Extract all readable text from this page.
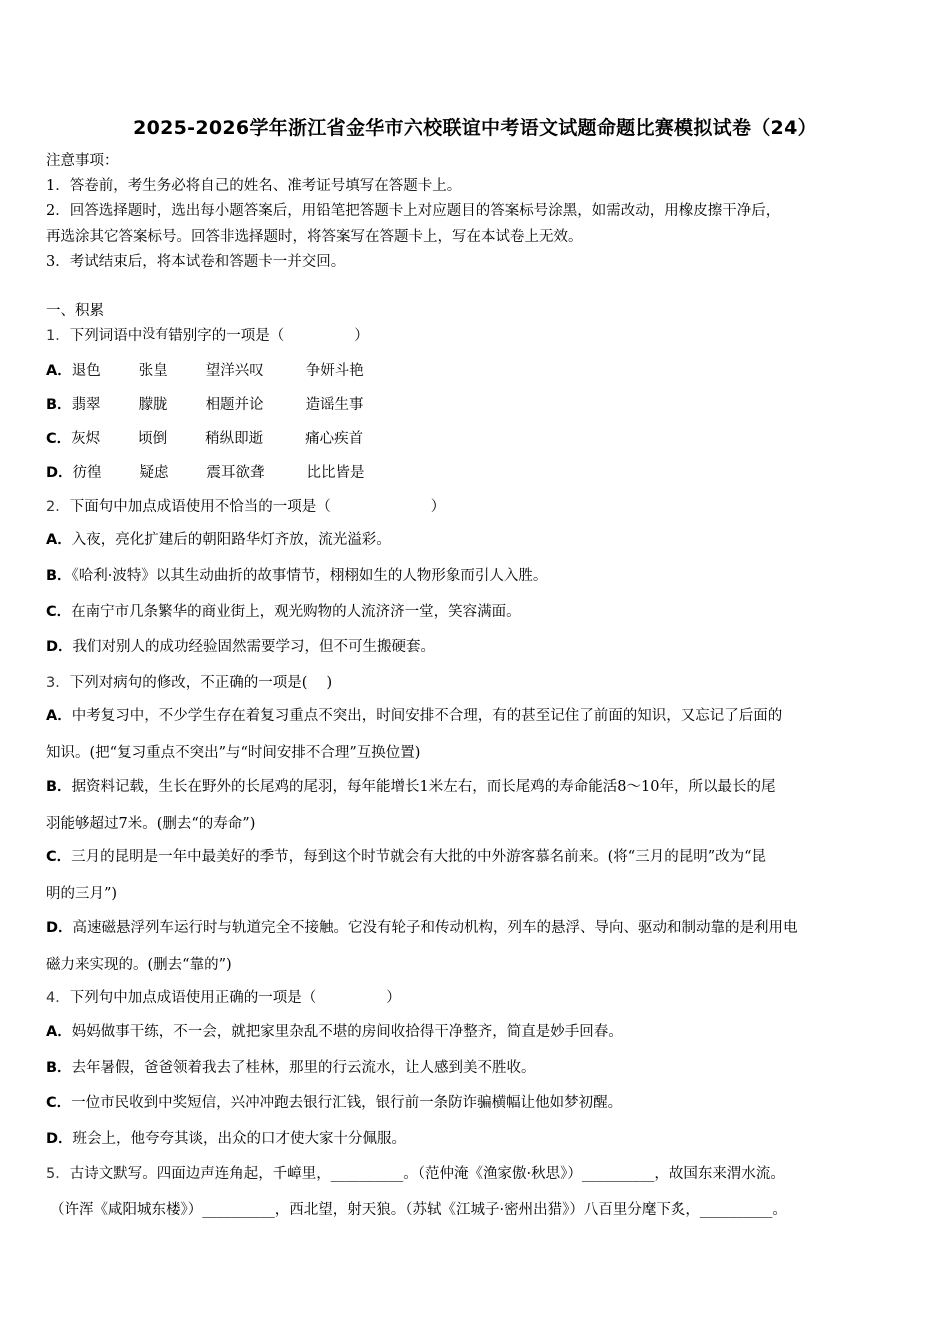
2025-2026学年浙江省金华市六校联谊中考语文试题命题比赛模拟试卷（24）
注意事项：
1．答卷前，考生务必将自己的姓名、准考证号填写在答题卡上。
2．回答选择题时，选出每小题答案后，用铅笔把答题卡上对应题目的答案标号涂黑，如需改动，用橡皮擦干净后，
再选涂其它答案标号。回答非选择题时，将答案写在答题卡上，写在本试卷上无效。
3．考试结束后，将本试卷和答题卡一并交回。
一、积累
1．下列词语中没有错别字的一项是（	）
A．退色	张皇	望洋兴叹	争妍斗艳
B．翡翠	朦胧	相题并论	造谣生事
C．灰烬	顷倒	稍纵即逝	痛心疾首
D．彷徨	疑虑	震耳欲聋	比比皆是
2．下面句中加点成语使用不恰当的一项是（	）
A．入夜，亮化扩建后的朝阳路华灯齐放，流光溢彩。
B．《哈利·波特》以其生动曲折的故事情节，栩栩如生的人物形象而引人入胜。
C．在南宁市几条繁华的商业街上，观光购物的人流济济一堂，笑容满面。
D．我们对别人的成功经验固然需要学习，但不可生搬硬套。
3．下列对病句的修改，不正确的一项是(　 )
A．中考复习中，不少学生存在着复习重点不突出，时间安排不合理，有的甚至记住了前面的知识，又忘记了后面的
知识。(把“复习重点不突出”与“时间安排不合理”互换位置)
B．据资料记载，生长在野外的长尾鸡的尾羽，每年能增长1米左右，而长尾鸡的寿命能活8～10年，所以最长的尾
羽能够超过7米。(删去“的寿命”)
C．三月的昆明是一年中最美好的季节，每到这个时节就会有大批的中外游客慕名前来。(将“三月的昆明”改为“昆
明的三月”)
D．高速磁悬浮列车运行时与轨道完全不接触。它没有轮子和传动机构，列车的悬浮、导向、驱动和制动靠的是利用电
磁力来实现的。(删去“靠的”)
4．下列句中加点成语使用正确的一项是（	）
A．妈妈做事干练，不一会，就把家里杂乱不堪的房间收拾得干净整齐，简直是妙手回春。
B．去年暑假，爸爸领着我去了桂林，那里的行云流水，让人感到美不胜收。
C．一位市民收到中奖短信，兴冲冲跑去银行汇钱，银行前一条防诈骗横幅让他如梦初醒。
D．班会上，他夸夸其谈，出众的口才使大家十分佩服。
5．古诗文默写。四面边声连角起，千嶂里，__________。（范仲淹《渔家傲·秋思》）__________，故国东来渭水流。
（许浑《咸阳城东楼》）__________，西北望，射天狼。（苏轼《江城子·密州出猎》）八百里分麾下炙，__________。
